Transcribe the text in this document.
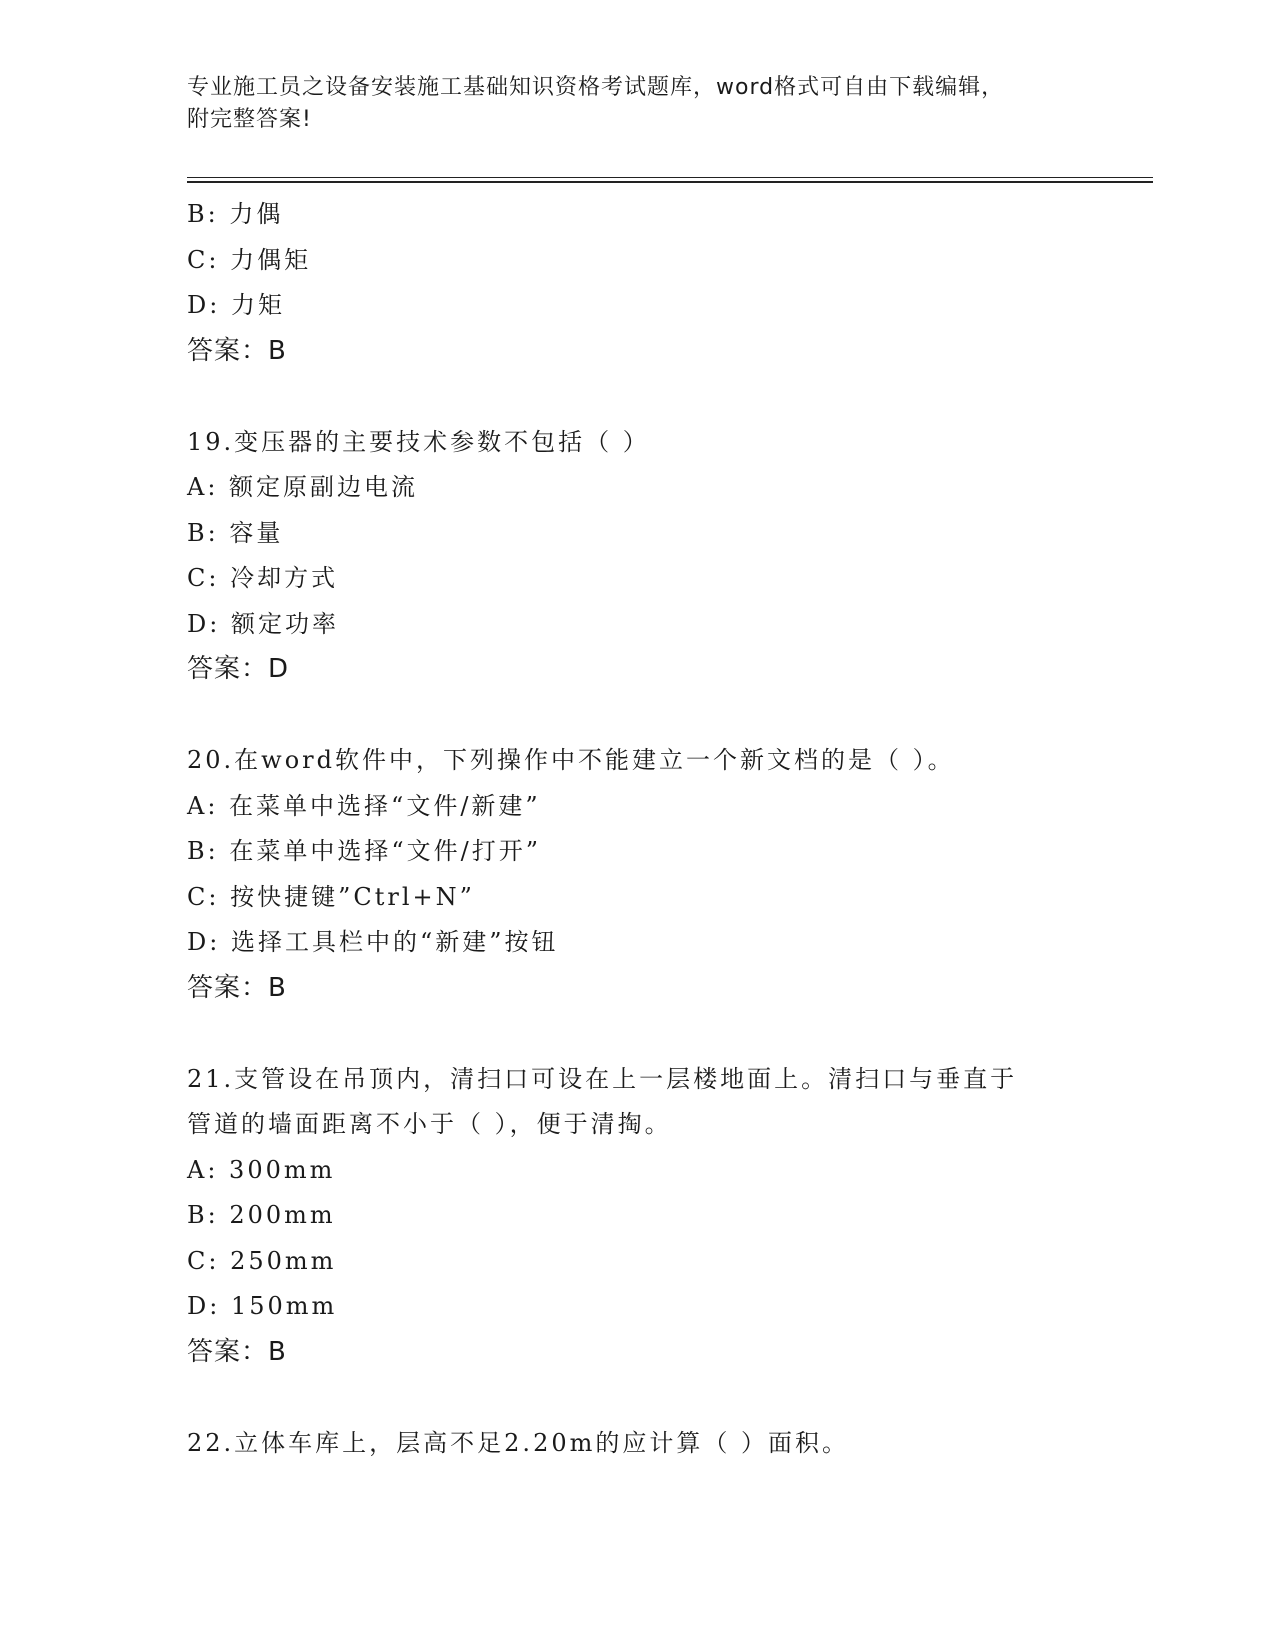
专业施工员之设备安装施工基础知识资格考试题库，word格式可自由下载编辑，
附完整答案!
B: 力偶
C: 力偶矩
D: 力矩
答案：B
19.变压器的主要技术参数不包括（ ）
A: 额定原副边电流
B: 容量
C: 冷却方式
D: 额定功率
答案：D
20.在word软件中，下列操作中不能建立一个新文档的是（ ）。
A: 在菜单中选择“文件/新建”
B: 在菜单中选择“文件/打开”
C: 按快捷键”Ctrl+N”
D: 选择工具栏中的“新建”按钮
答案：B
21.支管设在吊顶内，清扫口可设在上一层楼地面上。清扫口与垂直于
管道的墙面距离不小于（ ），便于清掏。
A: 300mm
B: 200mm
C: 250mm
D: 150mm
答案：B
22.立体车库上，层高不足2.20m的应计算（ ）面积。
